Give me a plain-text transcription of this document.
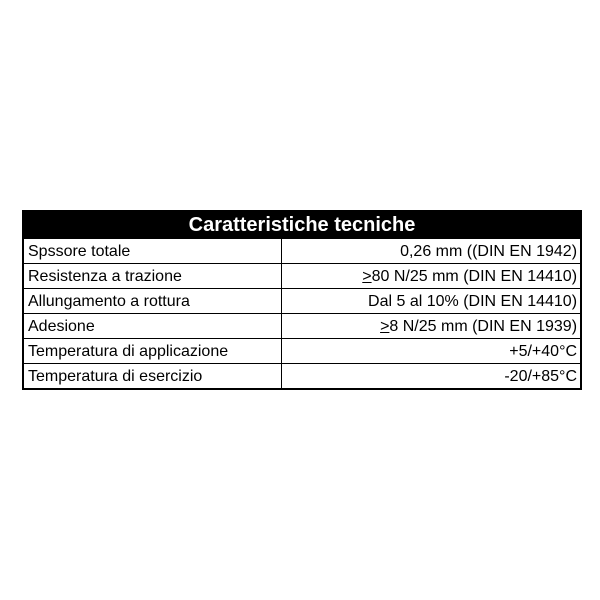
Caratteristiche tecniche	
Spssore totale	0,26 mm ((DIN EN 1942)
Resistenza a trazione	>80 N/25 mm (DIN EN 14410)
Allungamento a rottura	Dal 5 al 10% (DIN EN 14410)
Adesione	>8 N/25 mm (DIN EN 1939)
Temperatura di applicazione	+5/+40°C
Temperatura di esercizio	-20/+85°C
